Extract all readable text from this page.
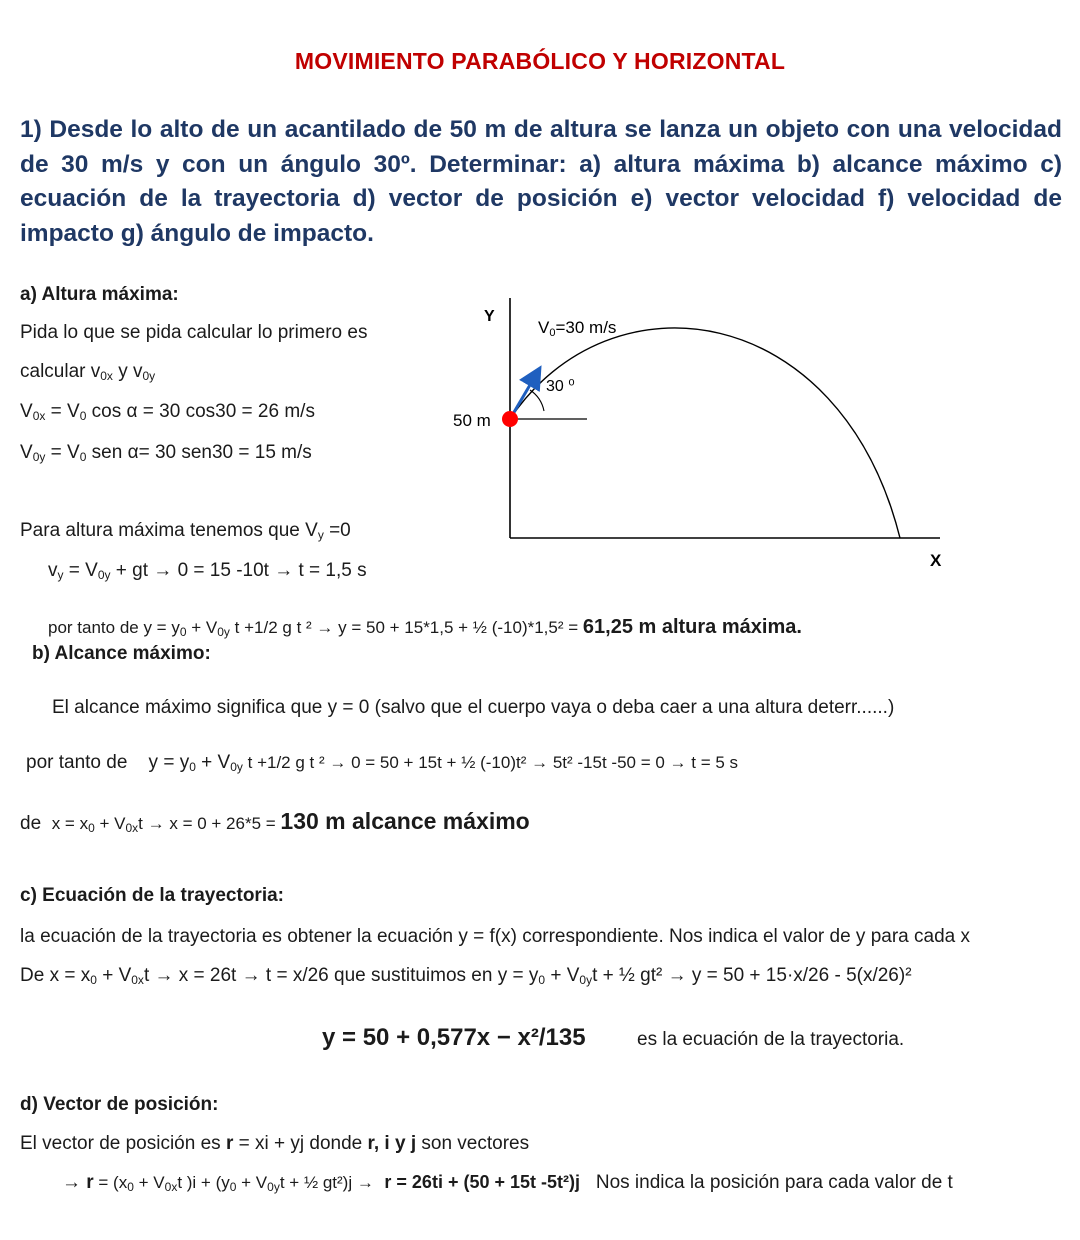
MOVIMIENTO PARABÓLICO Y HORIZONTAL
1) Desde lo alto de un acantilado de 50 m de altura se lanza un objeto con una velocidad de 30 m/s y con un ángulo 30º. Determinar: a) altura máxima b) alcance máximo c) ecuación de la trayectoria d) vector de posición e) vector velocidad f) velocidad de impacto g) ángulo de impacto.
a) Altura máxima:
Pida lo que se pida calcular lo primero es
calcular $v_{0x}$ y $v_{0y}$
$V_{0x} = V_0$ cos α = 30 cos30 = 26 m/s
$V_{0y} = V_0$ sen α= 30 sen30 = 15 m/s
Para altura máxima tenemos que $V_y =0$
$v_y = V_{0y}$ + gt → 0 = 15 -10t → t = 1,5 s
por tanto de $y = y_0 + V_{0y}$ t +1/2 g t ² → y = 50 + 15*1,5 + ½ (-10)*1,5² = 61,25 m altura máxima.
Y
X
50 m
30 ⁰
V0=30 m/s
b) Alcance máximo:
El alcance máximo significa que y = 0 (salvo que el cuerpo vaya o deba caer a una altura deterr......)
por tanto de $y = y_0 + V_{0y}$ t +1/2 g t ² → 0 = 50 + 15t + ½ (-10)t² → 5t² -15t -50 = 0 → t = 5 s
de $x = x_0 + V_{0x}t \to x = 0 + 26*5 = 130$ m alcance máximo
c) Ecuación de la trayectoria:
la ecuación de la trayectoria es obtener la ecuación y = f(x) correspondiente. Nos indica el valor de y para cada x
De $x = x_0 + V_{0x}t \to x = 26t \to t = x/26$ que sustituimos en $y = y_0 + V_{0y}t$ + ½ gt² → y = 50 + 15·x/26 - 5(x/26)²
y = 50 + 0,577x − x²/135	es la ecuación de la trayectoria.
d) Vector de posición:
El vector de posición es r = xi + yj donde r, i y j son vectores
→ $r = (x_0 + V_{0x}t$ )$i + (y_0 + V_{0y}t$ + ½ gt²)j → r = 26ti + (50 + 15t -5t²)j Nos indica la posición para cada valor de t
